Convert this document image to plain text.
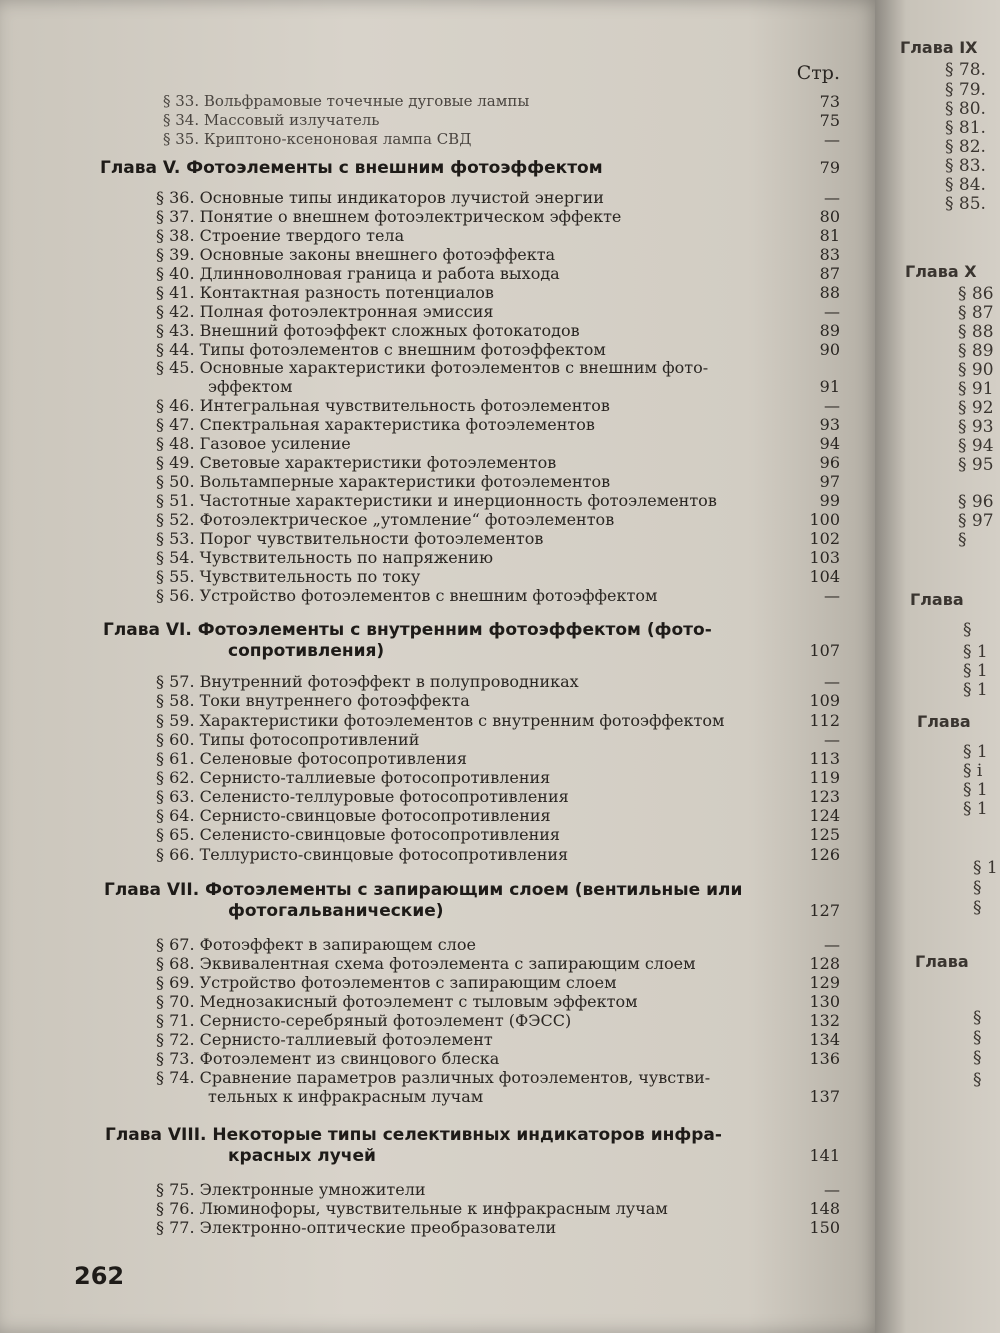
Стр.
§ 33. Вольфрамовые точечные дуговые лампы	73
§ 34. Массовый излучатель	75
§ 35. Криптоно-ксеноновая лампа СВД	—
Глава V. Фотоэлементы с внешним фотоэффектом	79
§ 36. Основные типы индикаторов лучистой энергии	—
§ 37. Понятие о внешнем фотоэлектрическом эффекте	80
§ 38. Строение твердого тела	81
§ 39. Основные законы внешнего фотоэффекта	83
§ 40. Длинноволновая граница и работа выхода	87
§ 41. Контактная разность потенциалов	88
§ 42. Полная фотоэлектронная эмиссия	—
§ 43. Внешний фотоэффект сложных фотокатодов	89
§ 44. Типы фотоэлементов с внешним фотоэффектом	90
§ 45. Основные характеристики фотоэлементов с внешним фото-
эффектом	91
§ 46. Интегральная чувствительность фотоэлементов	—
§ 47. Спектральная характеристика фотоэлементов	93
§ 48. Газовое усиление	94
§ 49. Световые характеристики фотоэлементов	96
§ 50. Вольтамперные характеристики фотоэлементов	97
§ 51. Частотные характеристики и инерционность фотоэлементов	99
§ 52. Фотоэлектрическое „утомление“ фотоэлементов	100
§ 53. Порог чувствительности фотоэлементов	102
§ 54. Чувствительность по напряжению	103
§ 55. Чувствительность по току	104
§ 56. Устройство фотоэлементов с внешним фотоэффектом	—
Глава VI. Фотоэлементы с внутренним фотоэффектом (фото-
сопротивления)	107
§ 57. Внутренний фотоэффект в полупроводниках	—
§ 58. Токи внутреннего фотоэффекта	109
§ 59. Характеристики фотоэлементов с внутренним фотоэффектом	112
§ 60. Типы фотосопротивлений	—
§ 61. Селеновые фотосопротивления	113
§ 62. Сернисто-таллиевые фотосопротивления	119
§ 63. Селенисто-теллуровые фотосопротивления	123
§ 64. Сернисто-свинцовые фотосопротивления	124
§ 65. Селенисто-свинцовые фотосопротивления	125
§ 66. Теллуристо-свинцовые фотосопротивления	126
Глава VII. Фотоэлементы с запирающим слоем (вентильные или
фотогальванические)	127
§ 67. Фотоэффект в запирающем слое	—
§ 68. Эквивалентная схема фотоэлемента с запирающим слоем	128
§ 69. Устройство фотоэлементов с запирающим слоем	129
§ 70. Меднозакисный фотоэлемент с тыловым эффектом	130
§ 71. Сернисто-серебряный фотоэлемент (ФЭСС)	132
§ 72. Сернисто-таллиевый фотоэлемент	134
§ 73. Фотоэлемент из свинцового блеска	136
§ 74. Сравнение параметров различных фотоэлементов, чувстви-
тельных к инфракрасным лучам	137
Глава VIII. Некоторые типы селективных индикаторов инфра-
красных лучей	141
§ 75. Электронные умножители	—
§ 76. Люминофоры, чувствительные к инфракрасным лучам	148
§ 77. Электронно-оптические преобразователи	150
262
Глава IX
§ 78.
§ 79.
§ 80.
§ 81.
§ 82.
§ 83.
§ 84.
§ 85.
Глава X
§ 86
§ 87
§ 88
§ 89
§ 90
§ 91
§ 92
§ 93
§ 94
§ 95
§ 96
§ 97
§
Глава
§
§ 1
§ 1
§ 1
Глава
§ 1
§ i
§ 1
§ 1
§ 1
§
§
Глава
§
§
§
§
